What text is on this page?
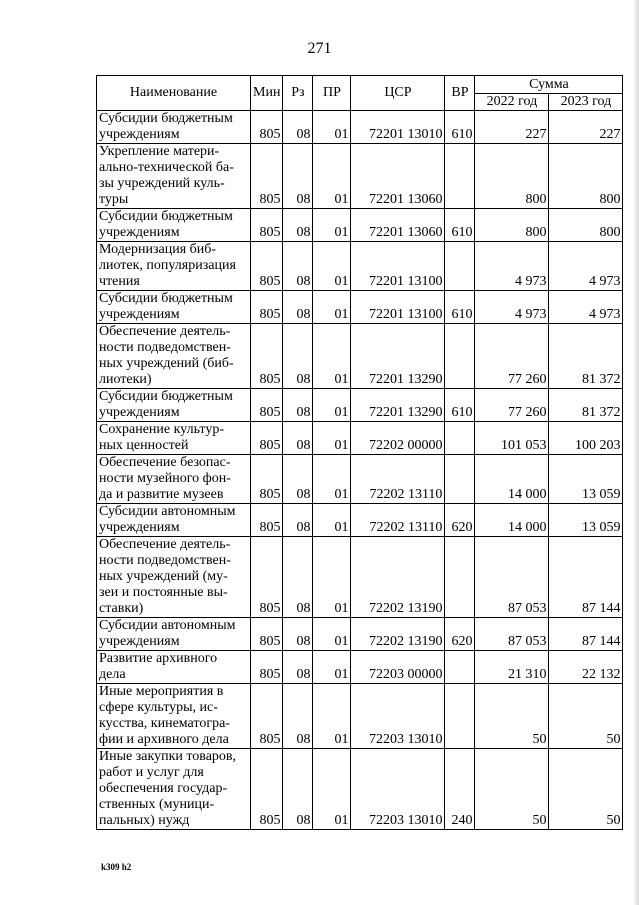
271
Наименование	Мин	Рз	ПР	ЦСР	ВР	Сумма	
						2022 год	2023 год

Субсидии бюджетным
учреждениям	805	08	01	72201 13010	610	227	227

Укрепление матери-
ально-технической ба-
зы учреждений куль-
туры	805	08	01	72201 13060		800	800

Субсидии бюджетным
учреждениям	805	08	01	72201 13060	610	800	800

Модернизация биб-
лиотек, популяризация
чтения	805	08	01	72201 13100		4 973	4 973

Субсидии бюджетным
учреждениям	805	08	01	72201 13100	610	4 973	4 973

Обеспечение деятель-
ности подведомствен-
ных учреждений (биб-
лиотеки)	805	08	01	72201 13290		77 260	81 372

Субсидии бюджетным
учреждениям	805	08	01	72201 13290	610	77 260	81 372

Сохранение культур-
ных ценностей	805	08	01	72202 00000		101 053	100 203

Обеспечение безопас-
ности музейного фон-
да и развитие музеев	805	08	01	72202 13110		14 000	13 059

Субсидии автономным
учреждениям	805	08	01	72202 13110	620	14 000	13 059

Обеспечение деятель-
ности подведомствен-
ных учреждений (му-
зеи и постоянные вы-
ставки)	805	08	01	72202 13190		87 053	87 144

Субсидии автономным
учреждениям	805	08	01	72202 13190	620	87 053	87 144

Развитие архивного
дела	805	08	01	72203 00000		21 310	22 132

Иные мероприятия в
сфере культуры, ис-
кусства, кинематогра-
фии и архивного дела	805	08	01	72203 13010		50	50

Иные закупки товаров,
работ и услуг для
обеспечения государ-
ственных (муници-
пальных) нужд	805	08	01	72203 13010	240	50	50
k309 h2
